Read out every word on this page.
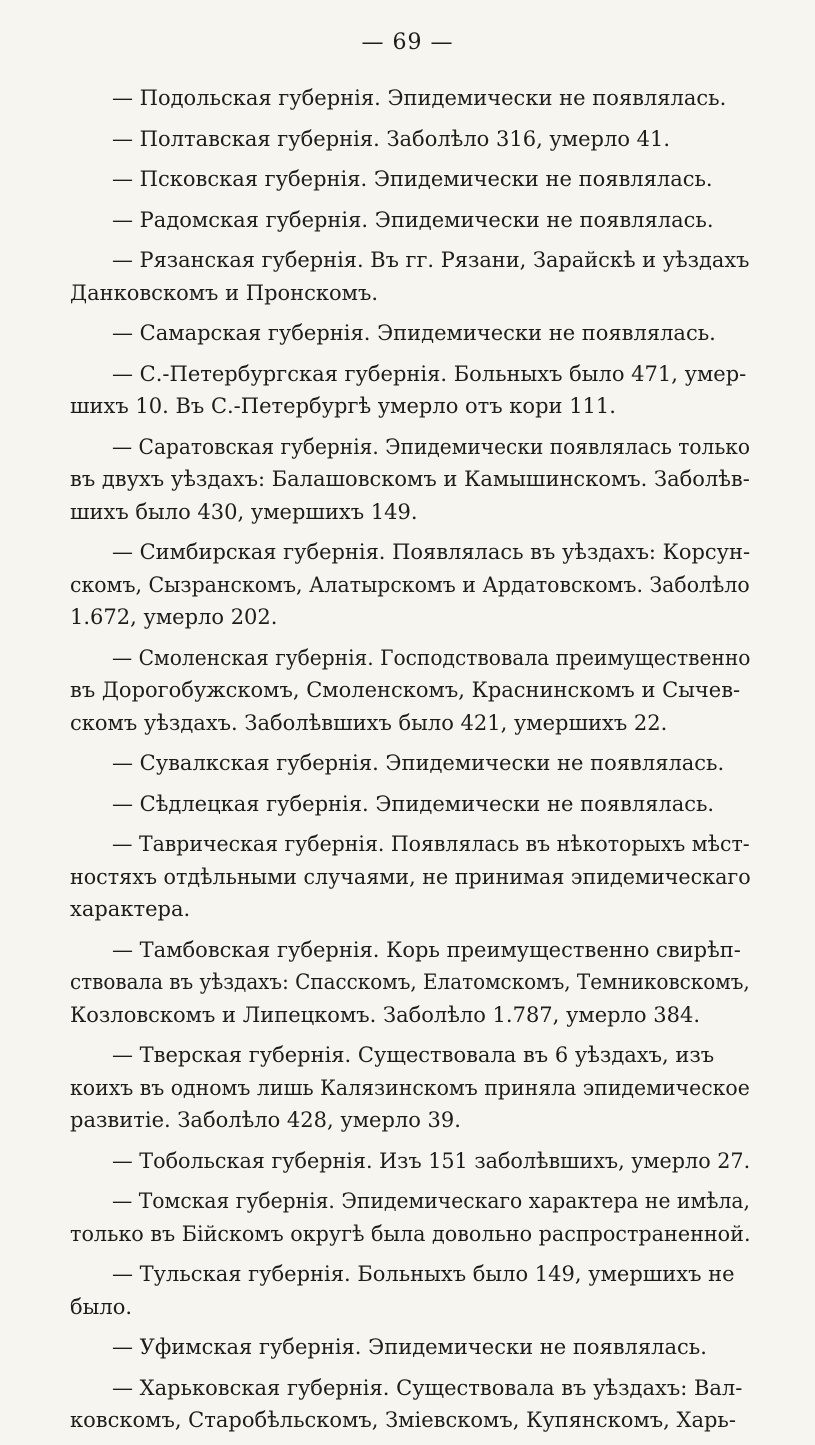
— 69 —
— Подольская губернія. Эпидемически не появлялась.
— Полтавская губернія. Заболѣло 316, умерло 41.
— Псковская губернія. Эпидемически не появлялась.
— Радомская губернія. Эпидемически не появлялась.
— Рязанская губернія. Въ гг. Рязани, Зарайскѣ и уѣздахъ
Данковскомъ и Пронскомъ.
— Самарская губернія. Эпидемически не появлялась.
— С.-Петербургская губернія. Больныхъ было 471, умер-
шихъ 10. Въ С.-Петербургѣ умерло отъ кори 111.
— Саратовская губернія. Эпидемически появлялась только
въ двухъ уѣздахъ: Балашовскомъ и Камышинскомъ. Заболѣв-
шихъ было 430, умершихъ 149.
— Симбирская губернія. Появлялась въ уѣздахъ: Корсун-
скомъ, Сызранскомъ, Алатырскомъ и Ардатовскомъ. Заболѣло
1.672, умерло 202.
— Смоленская губернія. Господствовала преимущественно
въ Дорогобужскомъ, Смоленскомъ, Краснинскомъ и Сычев-
скомъ уѣздахъ. Заболѣвшихъ было 421, умершихъ 22.
— Сувалкская губернія. Эпидемически не появлялась.
— Сѣдлецкая губернія. Эпидемически не появлялась.
— Таврическая губернія. Появлялась въ нѣкоторыхъ мѣст-
ностяхъ отдѣльными случаями, не принимая эпидемическаго
характера.
— Тамбовская губернія. Корь преимущественно свирѣп-
ствовала въ уѣздахъ: Спасскомъ, Елатомскомъ, Темниковскомъ,
Козловскомъ и Липецкомъ. Заболѣло 1.787, умерло 384.
— Тверская губернія. Существовала въ 6 уѣздахъ, изъ
коихъ въ одномъ лишь Калязинскомъ приняла эпидемическое
развитіе. Заболѣло 428, умерло 39.
— Тобольская губернія. Изъ 151 заболѣвшихъ, умерло 27.
— Томская губернія. Эпидемическаго характера не имѣла,
только въ Бійскомъ округѣ была довольно распространенной.
— Тульская губернія. Больныхъ было 149, умершихъ не
было.
— Уфимская губернія. Эпидемически не появлялась.
— Харьковская губернія. Существовала въ уѣздахъ: Вал-
ковскомъ, Старобѣльскомъ, Зміевскомъ, Купянскомъ, Харь-
